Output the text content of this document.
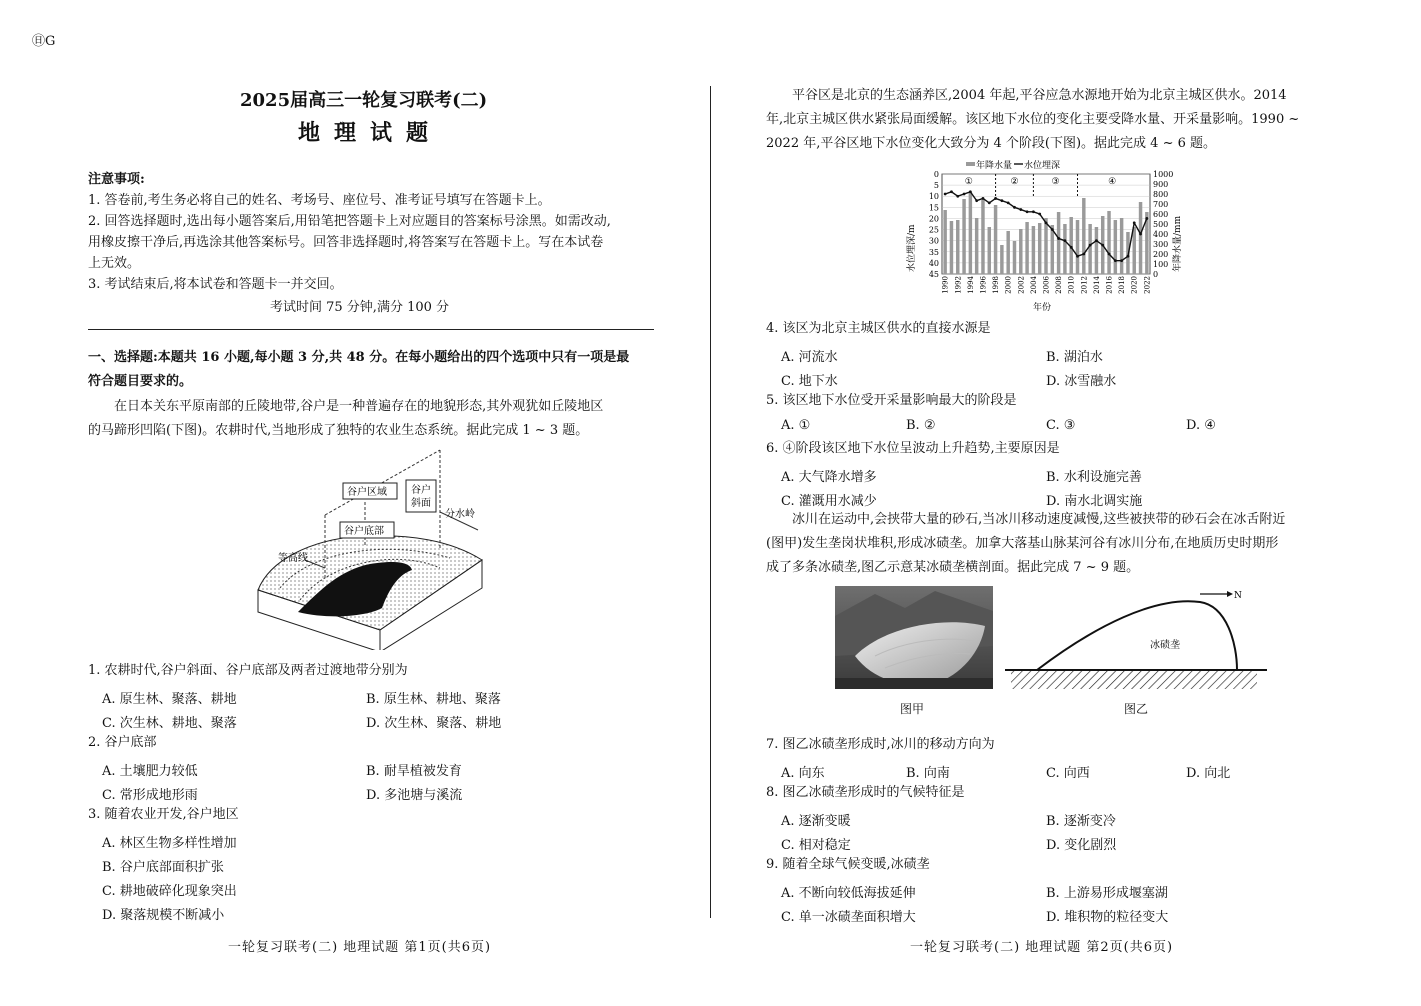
㊐G
2025届高三一轮复习联考(二)
地理试题
注意事项:
1. 答卷前,考生务必将自己的姓名、考场号、座位号、准考证号填写在答题卡上。
2. 回答选择题时,选出每小题答案后,用铅笔把答题卡上对应题目的答案标号涂黑。如需改动,
用橡皮擦干净后,再选涂其他答案标号。回答非选择题时,将答案写在答题卡上。写在本试卷
上无效。
3. 考试结束后,将本试卷和答题卡一并交回。
考试时间 75 分钟,满分 100 分
一、选择题:本题共 16 小题,每小题 3 分,共 48 分。在每小题给出的四个选项中只有一项是最
符合题目要求的。
在日本关东平原南部的丘陵地带,谷户是一种普遍存在的地貌形态,其外观犹如丘陵地区
的马蹄形凹陷(下图)。农耕时代,当地形成了独特的农业生态系统。据此完成 1 ~ 3 题。
谷户区域 谷户
斜面
谷户底部
分水岭
等高线
1. 农耕时代,谷户斜面、谷户底部及两者过渡地带分别为
A. 原生林、聚落、耕地	B. 原生林、耕地、聚落
C. 次生林、耕地、聚落	D. 次生林、聚落、耕地
2. 谷户底部
A. 土壤肥力较低	B. 耐旱植被发育
C. 常形成地形雨	D. 多池塘与溪流
3. 随着农业开发,谷户地区
A. 林区生物多样性增加
B. 谷户底部面积扩张
C. 耕地破碎化现象突出
D. 聚落规模不断减小
一轮复习联考(二) 地理试题 第1页(共6页)
平谷区是北京的生态涵养区,2004 年起,平谷应急水源地开始为北京主城区供水。2014
年,北京主城区供水紧张局面缓解。该区地下水位的变化主要受降水量、开采量影响。1990 ~
2022 年,平谷区地下水位变化大致分为 4 个阶段(下图)。据此完成 4 ~ 6 题。
年降水量 水位埋深
年份
水位埋深/m	年降水量/mm
0
5
10
15
20
25
30
35
40
45	0
100
200
300
400
500
600
700
800
900
1000
①	②	③	④
1990 1992 1994 1996 1998 2000 2002 2004 2006 2008 2010 2012 2014 2016 2018 2020 2022
4. 该区为北京主城区供水的直接水源是
A. 河流水	B. 湖泊水
C. 地下水	D. 冰雪融水
5. 该区地下水位受开采量影响最大的阶段是
A. ①	B. ②	C. ③	D. ④
6. ④阶段该区地下水位呈波动上升趋势,主要原因是
A. 大气降水增多	B. 水利设施完善
C. 灌溉用水减少	D. 南水北调实施
冰川在运动中,会挟带大量的砂石,当冰川移动速度减慢,这些被挟带的砂石会在冰舌附近
(图甲)发生垄岗状堆积,形成冰碛垄。加拿大落基山脉某河谷有冰川分布,在地质历史时期形
成了多条冰碛垄,图乙示意某冰碛垄横剖面。据此完成 7 ~ 9 题。
图甲
N
冰碛垄
图乙
7. 图乙冰碛垄形成时,冰川的移动方向为
A. 向东	B. 向南	C. 向西	D. 向北
8. 图乙冰碛垄形成时的气候特征是
A. 逐渐变暖	B. 逐渐变冷
C. 相对稳定	D. 变化剧烈
9. 随着全球气候变暖,冰碛垄
A. 不断向较低海拔延伸	B. 上游易形成堰塞湖
C. 单一冰碛垄面积增大	D. 堆积物的粒径变大
一轮复习联考(二) 地理试题 第2页(共6页)
